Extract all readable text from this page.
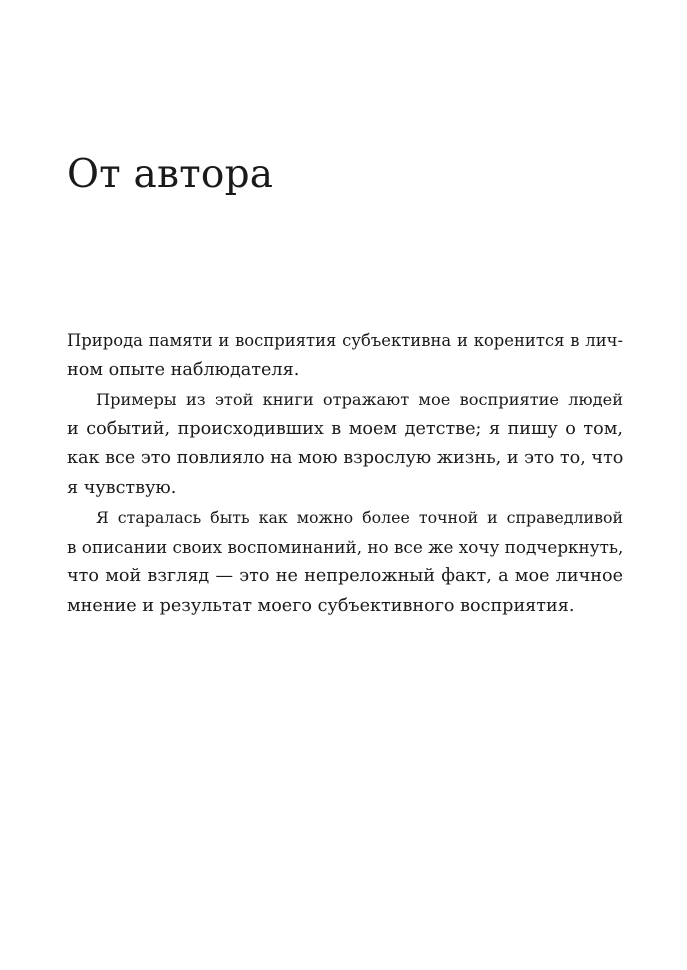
От автора
Природа памяти и восприятия субъективна и коренится в лич-
ном опыте наблюдателя.
Примеры из этой книги отражают мое восприятие людей
и событий, происходивших в моем детстве; я пишу о том,
как все это повлияло на мою взрослую жизнь, и это то, что
я чувствую.
Я старалась быть как можно более точной и справедливой
в описании своих воспоминаний, но все же хочу подчеркнуть,
что мой взгляд — это не непреложный факт, а мое личное
мнение и результат моего субъективного восприятия.
